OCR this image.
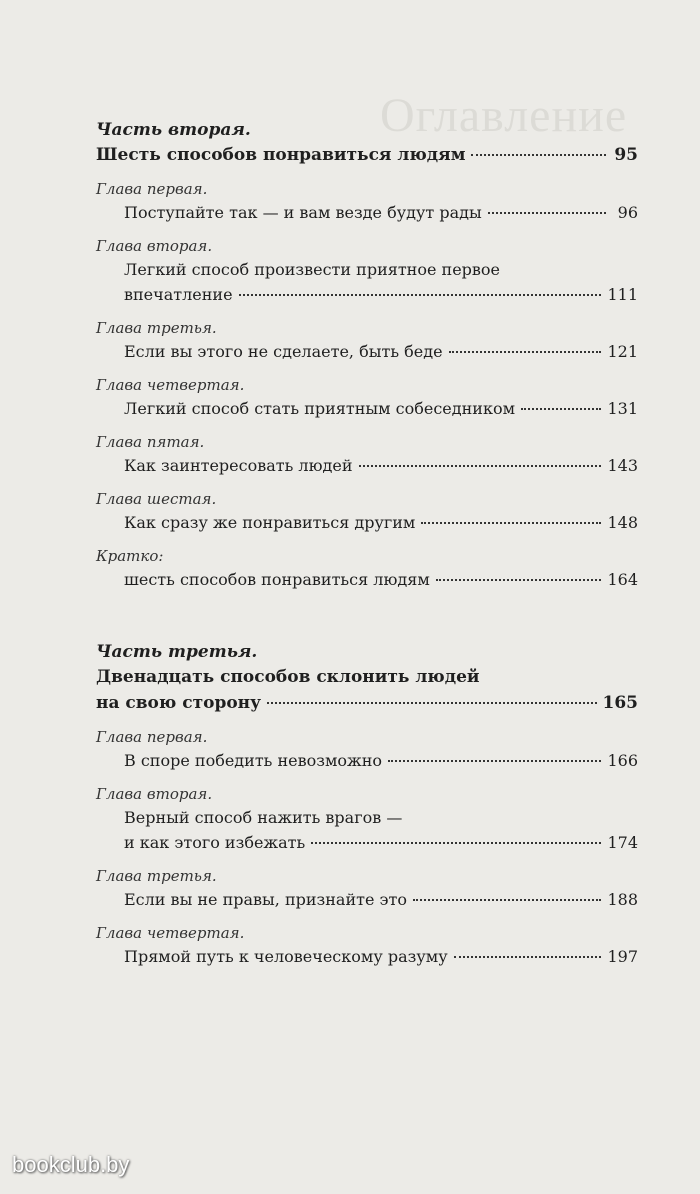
Оглавление
Часть вторая.
Шесть способов понравиться людям	95
Глава первая.
Поступайте так — и вам везде будут рады	96
Глава вторая.
Легкий способ произвести приятное первое
впечатление	111
Глава третья.
Если вы этого не сделаете, быть беде	121
Глава четвертая.
Легкий способ стать приятным собеседником	131
Глава пятая.
Как заинтересовать людей	143
Глава шестая.
Как сразу же понравиться другим	148
Кратко:
шесть способов понравиться людям	164
Часть третья.
Двенадцать способов склонить людей
на свою сторону	165
Глава первая.
В споре победить невозможно	166
Глава вторая.
Верный способ нажить врагов —
и как этого избежать	174
Глава третья.
Если вы не правы, признайте это	188
Глава четвертая.
Прямой путь к человеческому разуму	197
bookclub.by
